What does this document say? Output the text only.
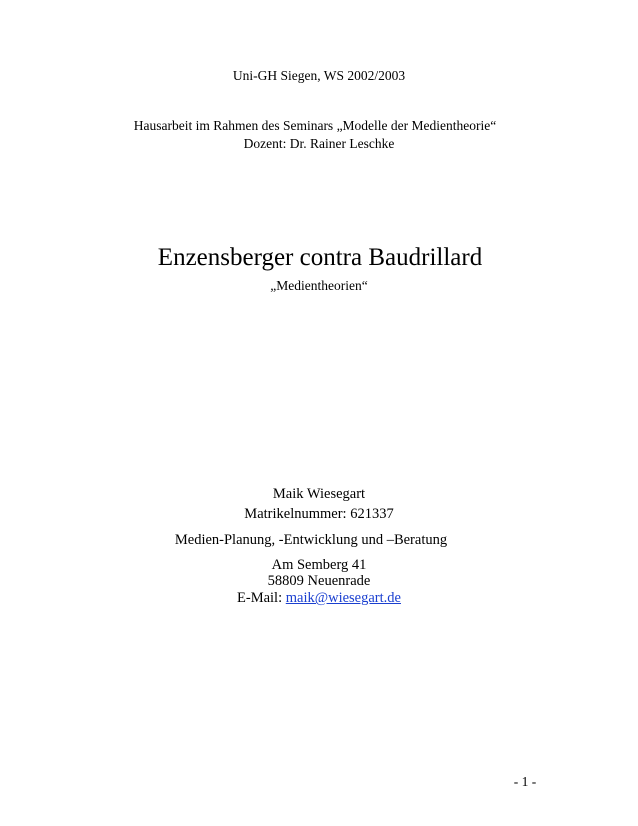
Uni-GH Siegen, WS 2002/2003
Hausarbeit im Rahmen des Seminars „Modelle der Medientheorie“
Dozent: Dr. Rainer Leschke
Enzensberger contra Baudrillard
„Medientheorien“
Maik Wiesegart
Matrikelnummer: 621337
Medien-Planung, -Entwicklung und –Beratung
Am Semberg 41
58809 Neuenrade
E-Mail: maik@wiesegart.de
- 1 -
